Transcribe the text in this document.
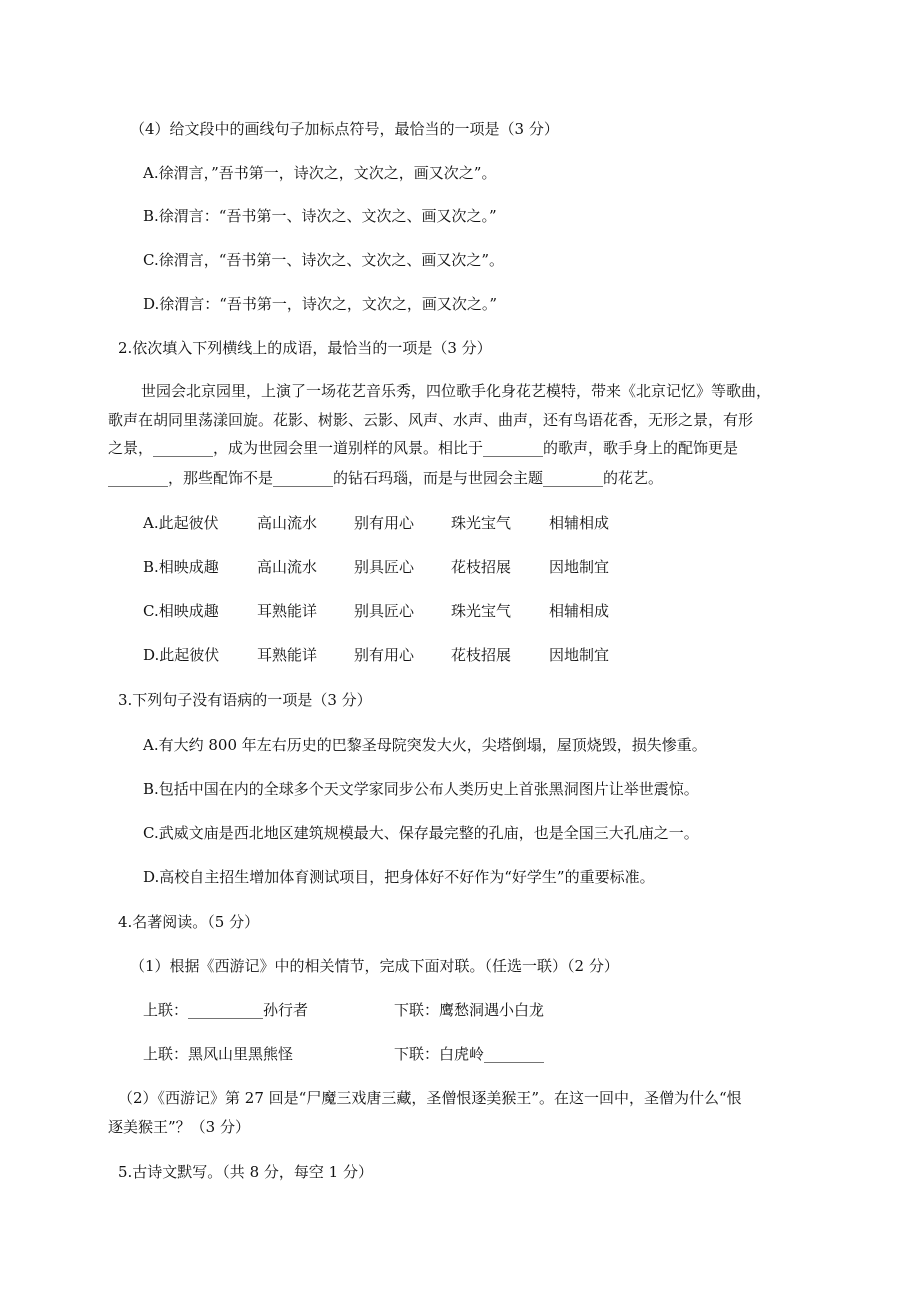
（4）给文段中的画线句子加标点符号，最恰当的一项是（3 分）
A.徐渭言，”吾书第一，诗次之，文次之，画又次之”。
B.徐渭言：“吾书第一、诗次之、文次之、画又次之。”
C.徐渭言，“吾书第一、诗次之、文次之、画又次之”。
D.徐渭言：“吾书第一，诗次之，文次之，画又次之。”
2.依次填入下列横线上的成语，最恰当的一项是（3 分）
世园会北京园里，上演了一场花艺音乐秀，四位歌手化身花艺模特，带来《北京记忆》等歌曲，
歌声在胡同里荡漾回旋。花影、树影、云影、风声、水声、曲声，还有鸟语花香，无形之景，有形
之景，________，成为世园会里一道别样的风景。相比于________的歌声，歌手身上的配饰更是
________，那些配饰不是________的钻石玛瑙，而是与世园会主题________的花艺。
A.此起彼伏	高山流水 别有用心 珠光宝气	相辅相成
B.相映成趣	高山流水 别具匠心 花枝招展	因地制宜
C.相映成趣	耳熟能详 别具匠心 珠光宝气	相辅相成
D.此起彼伏	耳熟能详 别有用心 花枝招展	因地制宜
3.下列句子没有语病的一项是（3 分）
A.有大约 800 年左右历史的巴黎圣母院突发大火，尖塔倒塌，屋顶烧毁，损失惨重。
B.包括中国在内的全球多个天文学家同步公布人类历史上首张黑洞图片让举世震惊。
C.武威文庙是西北地区建筑规模最大、保存最完整的孔庙，也是全国三大孔庙之一。
D.高校自主招生增加体育测试项目，把身体好不好作为“好学生”的重要标准。
4.名著阅读。（5 分）
（1）根据《西游记》中的相关情节，完成下面对联。（任选一联）（2 分）
上联：__________孙行者	下联：鹰愁洞遇小白龙
上联：黑风山里黑熊怪	下联：白虎岭________
（2）《西游记》第 27 回是“尸魔三戏唐三藏，圣僧恨逐美猴王”。在这一回中，圣僧为什么“恨
逐美猴王”？（3 分）
5.古诗文默写。（共 8 分，每空 1 分）
